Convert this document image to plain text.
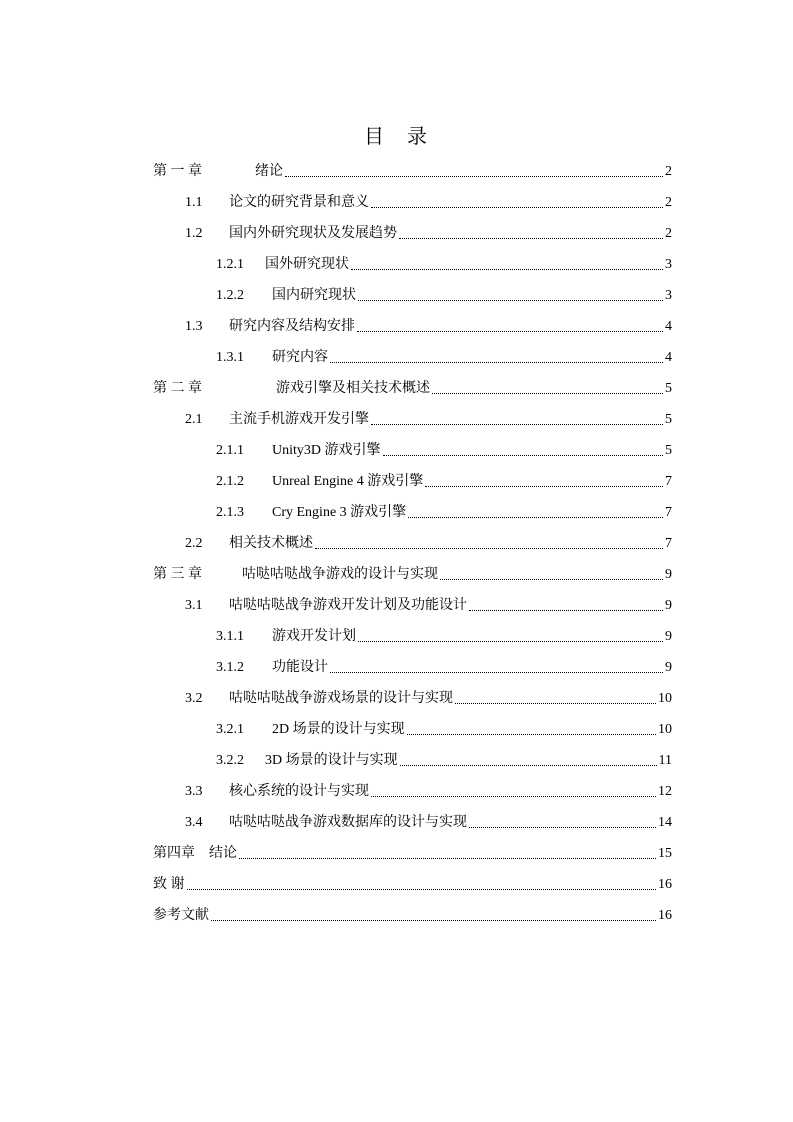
目 录
第 一 章	绪论	2
1.1	论文的研究背景和意义	2
1.2	国内外研究现状及发展趋势	2
1.2.1	国外研究现状	3
1.2.2	国内研究现状	3
1.3	研究内容及结构安排	4
1.3.1	研究内容	4
第 二 章	游戏引擎及相关技术概述	5
2.1	主流手机游戏开发引擎	5
2.1.1	Unity3D 游戏引擎	5
2.1.2	Unreal Engine 4 游戏引擎	7
2.1.3	Cry Engine 3 游戏引擎	7
2.2	相关技术概述	7
第 三 章	咕哒咕哒战争游戏的设计与实现	9
3.1	咕哒咕哒战争游戏开发计划及功能设计	9
3.1.1	游戏开发计划	9
3.1.2	功能设计	9
3.2	咕哒咕哒战争游戏场景的设计与实现	10
3.2.1	2D 场景的设计与实现	10
3.2.2	3D 场景的设计与实现	11
3.3	核心系统的设计与实现	12
3.4	咕哒咕哒战争游戏数据库的设计与实现	14
第四章	结论	15
致 谢	16
参考文献	16
